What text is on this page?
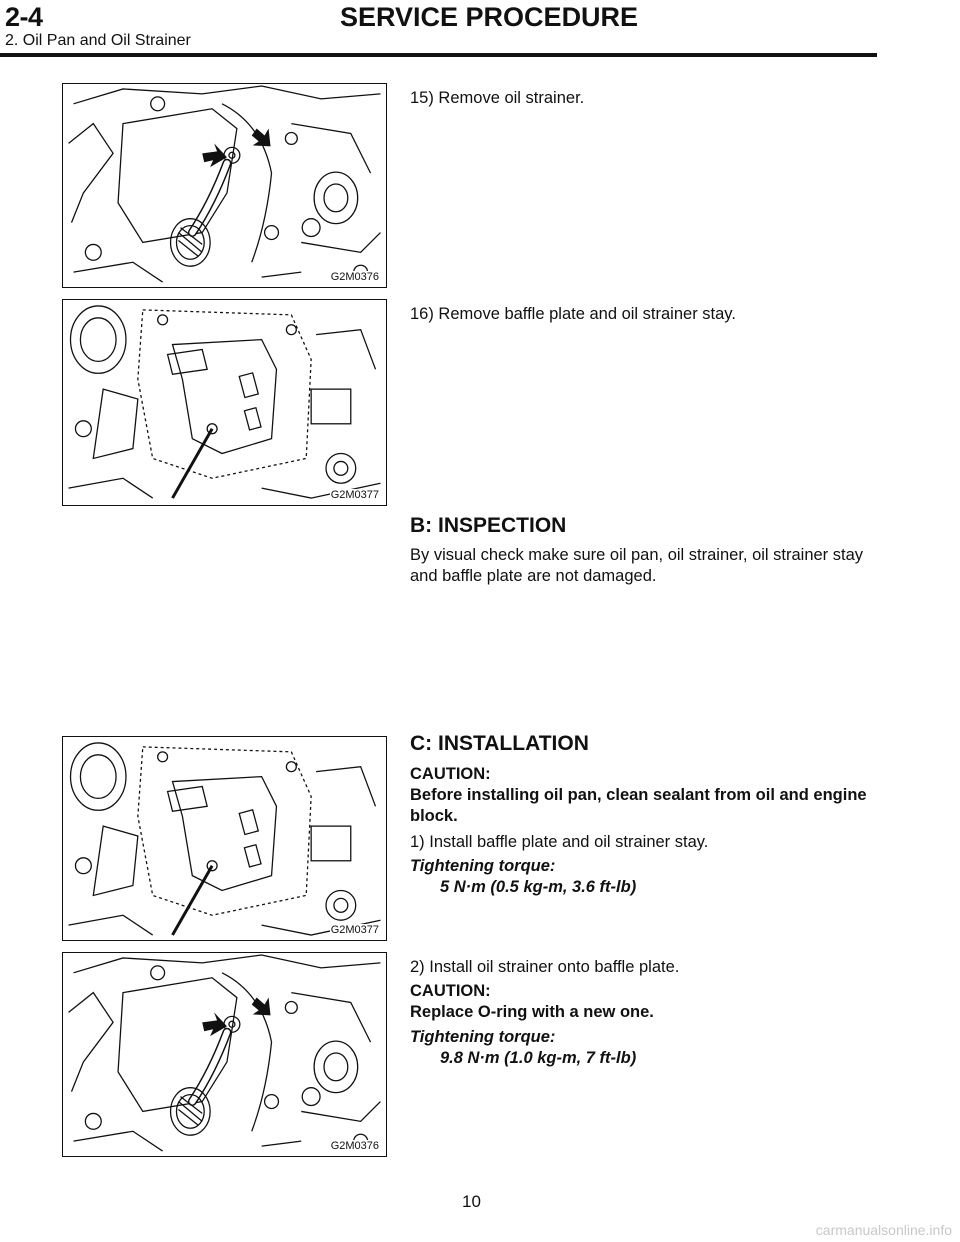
2-4	SERVICE PROCEDURE
2. Oil Pan and Oil Strainer
G2M0376
G2M0377
15) Remove oil strainer.
16) Remove baffle plate and oil strainer stay.
B: INSPECTION
By visual check make sure oil pan, oil strainer, oil strainer stay and baffle plate are not damaged.
G2M0377
C: INSTALLATION
CAUTION:
Before installing oil pan, clean sealant from oil and engine block.
1) Install baffle plate and oil strainer stay.
Tightening torque:
5 N·m (0.5 kg-m, 3.6 ft-lb)
G2M0376
2) Install oil strainer onto baffle plate.
CAUTION:
Replace O-ring with a new one.
Tightening torque:
9.8 N·m (1.0 kg-m, 7 ft-lb)
10
carmanualsonline.info
